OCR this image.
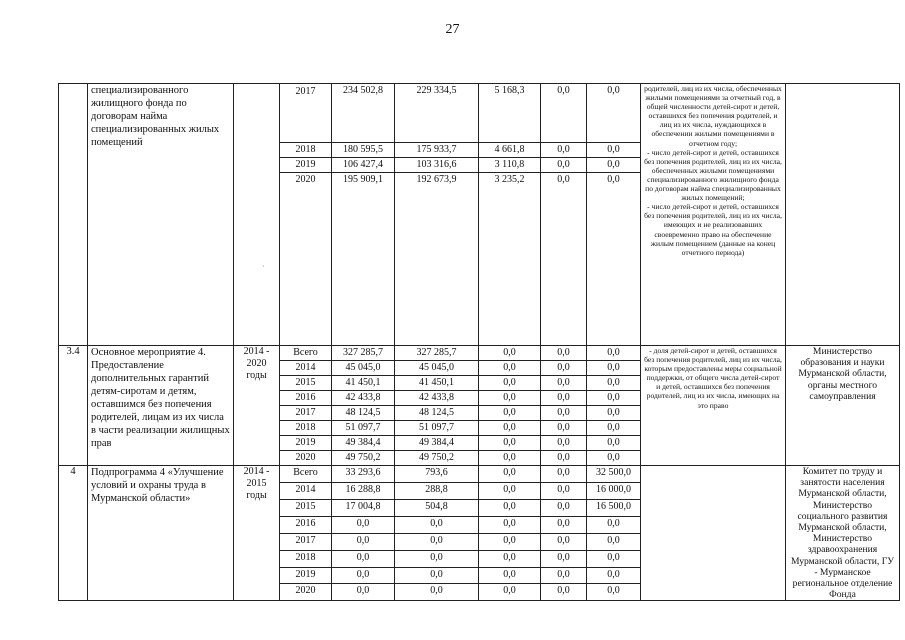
27
	специализированного жилищного фонда по договорам найма специализированных жилых помещений		2017	234 502,8	229 334,5	5 168,3	0,0	0,0	родителей, лиц из их числа, обеспеченных жилыми помещениями за отчетный год, в общей численности детей-сирот и детей, оставшихся без попечения родителей, и лиц из их числа, нуждающихся в обеспечении жилыми помещениями в отчетном году;
- число детей-сирот и детей, оставшихся без попечения родителей, лиц из их числа, обеспеченных жилыми помещениями специализированного жилищного фонда по договорам найма специализированных жилых помещений;
- число детей-сирот и детей, оставшихся без попечения родителей, лиц из их числа, имеющих и не реализовавших своевременно право на обеспечение жилым помещением (данные на конец отчетного периода)	
			2018	180 595,5	175 933,7	4 661,8	0,0	0,0		
			2019	106 427,4	103 316,6	3 110,8	0,0	0,0		
			2020	195 909,1	192 673,9	3 235,2	0,0	0,0		
3.4	Основное мероприятие 4. Предоставление дополнительных гарантий детям-сиротам и детям, оставшимся без попечения родителей, лицам из их числа в части реализации жилищных прав	2014 - 2020 годы	Всего	327 285,7	327 285,7	0,0	0,0	0,0	- доля детей-сирот и детей, оставшихся без попечения родителей, лиц из их числа, которым предоставлены меры социальной поддержки, от общего числа детей-сирот и детей, оставшихся без попечения родителей, лиц из их числа, имеющих на это право	Министерство образования и науки Мурманской области, органы местного самоуправления
			2014	45 045,0	45 045,0	0,0	0,0	0,0		
			2015	41 450,1	41 450,1	0,0	0,0	0,0		
			2016	42 433,8	42 433,8	0,0	0,0	0,0		
			2017	48 124,5	48 124,5	0,0	0,0	0,0		
			2018	51 097,7	51 097,7	0,0	0,0	0,0		
			2019	49 384,4	49 384,4	0,0	0,0	0,0		
			2020	49 750,2	49 750,2	0,0	0,0	0,0		
4	Подпрограмма 4 «Улучшение условий и охраны труда в Мурманской области»	2014 - 2015 годы	Всего	33 293,6	793,6	0,0	0,0	32 500,0		Комитет по труду и занятости населения Мурманской области, Министерство социального развития Мурманской области, Министерство здравоохранения Мурманской области, ГУ - Мурманское региональное отделение Фонда
			2014	16 288,8	288,8	0,0	0,0	16 000,0		
			2015	17 004,8	504,8	0,0	0,0	16 500,0		
			2016	0,0	0,0	0,0	0,0	0,0		
			2017	0,0	0,0	0,0	0,0	0,0		
			2018	0,0	0,0	0,0	0,0	0,0		
			2019	0,0	0,0	0,0	0,0	0,0		
			2020	0,0	0,0	0,0	0,0	0,0		
·
